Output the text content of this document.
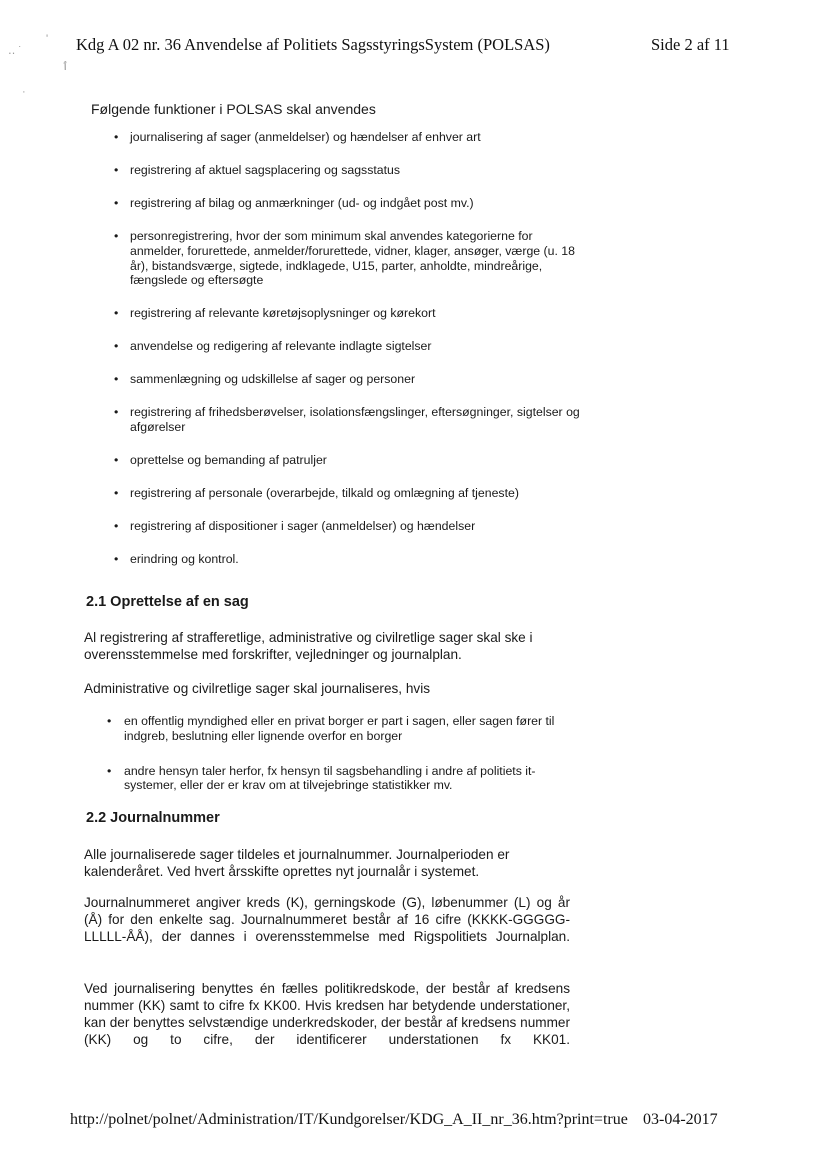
'
‥ ˙
ٲ
·
Kdg A 02 nr. 36 Anvendelse af Politiets SagsstyringsSystem (POLSAS)	Side 2 af 11
Følgende funktioner i POLSAS skal anvendes
• journalisering af sager (anmeldelser) og hændelser af enhver art
• registrering af aktuel sagsplacering og sagsstatus
• registrering af bilag og anmærkninger (ud- og indgået post mv.)
• personregistrering, hvor der som minimum skal anvendes kategorierne for anmelder, forurettede, anmelder/forurettede, vidner, klager, ansøger, værge (u. 18 år), bistandsværge, sigtede, indklagede, U15, parter, anholdte, mindreårige, fængslede og eftersøgte
• registrering af relevante køretøjsoplysninger og kørekort
• anvendelse og redigering af relevante indlagte sigtelser
• sammenlægning og udskillelse af sager og personer
• registrering af frihedsberøvelser, isolationsfængslinger, eftersøgninger, sigtelser og afgørelser
• oprettelse og bemanding af patruljer
• registrering af personale (overarbejde, tilkald og omlægning af tjeneste)
• registrering af dispositioner i sager (anmeldelser) og hændelser
• erindring og kontrol.
2.1 Oprettelse af en sag

Al registrering af strafferetlige, administrative og civilretlige sager skal ske i overensstemmelse med forskrifter, vejledninger og journalplan.

Administrative og civilretlige sager skal journaliseres, hvis

• en offentlig myndighed eller en privat borger er part i sagen, eller sagen fører til indgreb, beslutning eller lignende overfor en borger
• andre hensyn taler herfor, fx hensyn til sagsbehandling i andre af politiets it-systemer, eller der er krav om at tilvejebringe statistikker mv.
2.2 Journalnummer

Alle journaliserede sager tildeles et journalnummer. Journalperioden er kalenderåret. Ved hvert årsskifte oprettes nyt journalår i systemet.

Journalnummeret angiver kreds (K), gerningskode (G), løbenummer (L) og år (Å) for den enkelte sag. Journalnummeret består af 16 cifre (KKKK-GGGGG-LLLLL-ÅÅ), der dannes i overensstemmelse med Rigspolitiets Journalplan.

Ved journalisering benyttes én fælles politikredskode, der består af kredsens nummer (KK) samt to cifre fx KK00. Hvis kredsen har betydende understationer, kan der benyttes selvstændige underkredskoder, der består af kredsens nummer (KK) og to cifre, der identificerer understationen fx KK01.

http://polnet/polnet/Administration/IT/Kundgorelser/KDG_A_II_nr_36.htm?print=true 03-04-2017
